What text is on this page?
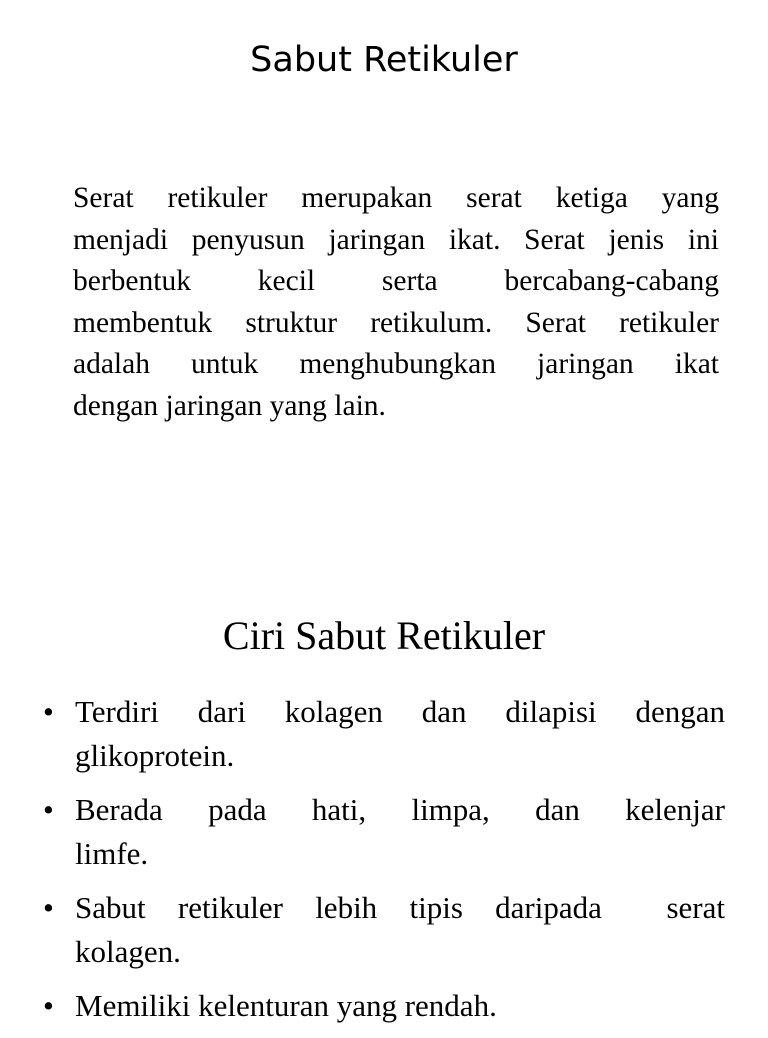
Sabut Retikuler
Serat retikuler merupakan serat ketiga yang
menjadi penyusun jaringan ikat. Serat jenis ini
berbentuk kecil serta bercabang-cabang
membentuk struktur retikulum. Serat retikuler
adalah untuk menghubungkan jaringan ikat
dengan jaringan yang lain.
Ciri Sabut Retikuler
• Terdiri dari kolagen dan dilapisi dengan
glikoprotein.
• Berada pada hati, limpa, dan kelenjar
limfe.
• Sabut retikuler lebih tipis daripada  serat
kolagen.
• Memiliki kelenturan yang rendah.
